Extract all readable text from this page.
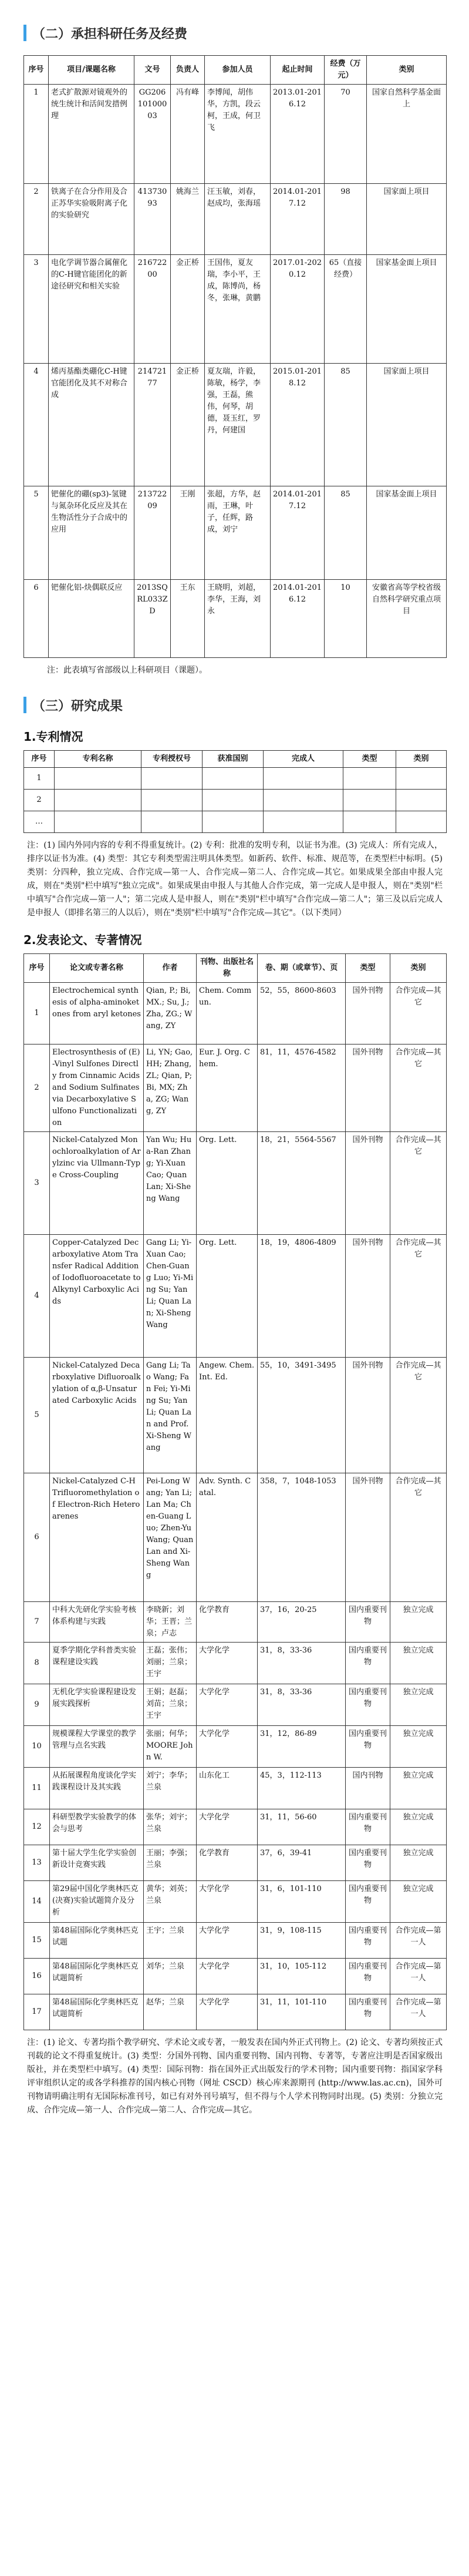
（二）承担科研任务及经费
序号	项目/课题名称	文号	负责人	参加人员	起止时间	经费（万元）	类别
1	老式扩散源对镜观外的统生统计和活间发措例理	GG20610100003	冯有峰	李博闻，胡伟华，方凯，段云柯，王成，何卫飞	2013.01-2016.12	70	国家自然科学基金面上
2	铁离子在合分作用及合正苏华实验吸附离子化的实验研究	41373093	姚海兰	汪玉敏，刘春，赵成均，张海瑶	2014.01-2017.12	98	国家面上项目
3	电化学调节器合属催化的C-H键官能团化的新途径研究和相关实验	21672200	金正桥	王国伟，夏友瑞，李小平，王成，陈博尚，杨冬，张琳，黄鹏	2017.01-2020.12	65（直接经费）	国家基金面上项目
4	烯丙基酯类硼化C-H键官能团化及其不对称合成	21472177	金正桥	夏友瑞，许毅，陈敏，杨学，李强，王磊，熊伟，何琴，胡德，聂玉红，罗丹，何建国	2015.01-2018.12	85	国家面上项目
5	钯催化的硼(sp3)-氢键与氮杂环化反应及其在生物活性分子合成中的应用	21372209	王刚	张超，方华，赵雨，王琳，叶子，任辉，路成，刘宁	2014.01-2017.12	85	国家基金面上项目
6	钯催化铝-炔偶联反应	2013SQRL033ZD	王东	王晓明，刘超，李华，王海，刘永	2014.01-2016.12	10	安徽省高等学校省级自然科学研究重点项目
注：此表填写省部级以上科研项目（课题）。
（三）研究成果
1.专利情况
序号	专利名称	专利授权号	获准国别	完成人	类型	类别
1						
2						
…						
注：(1) 国内外同内容的专利不得重复统计。(2) 专利：批准的发明专利，以证书为准。(3) 完成人：所有完成人，排序以证书为准。(4) 类型：其它专利类型需注明具体类型。如新药、软件、标准、规范等，在类型栏中标明。(5) 类别：分四种，独立完成、合作完成—第一人、合作完成—第二人、合作完成—其它。如果成果全部由申报人完成，则在"类别"栏中填写"独立完成"。如果成果由申报人与其他人合作完成，第一完成人是申报人，则在"类别"栏中填写"合作完成—第一人"；第二完成人是申报人，则在"类别"栏中填写"合作完成—第二人"；第三及以后完成人是申报人（即排名第三的人以后），则在"类别"栏中填写"合作完成—其它"。（以下类同）
2.发表论文、专著情况
序号	论文或专著名称	作者	刊物、出版社名称	卷、期（或章节）、页	类型	类别
1	Electrochemical synthesis of alpha-aminoketones from aryl ketones	Qian, P.; Bi, MX.; Su, J.; Zha, ZG.; Wang, ZY	Chem. Commun.	52，55，8600-8603	国外刊物	合作完成—其它
2	Electrosynthesis of (E)-Vinyl Sulfones Directly from Cinnamic Acids and Sodium Sulfinates via Decarboxylative Sulfono Functionalization	Li, YN; Gao, HH; Zhang, ZL; Qian, P; Bi, MX; Zha, ZG; Wang, ZY	Eur. J. Org. Chem.	81，11，4576-4582	国外刊物	合作完成—其它
3	Nickel-Catalyzed Monochloroalkylation of Arylzinc via Ullmann-Type Cross-Coupling	Yan Wu; Hua-Ran Zhang; Yi-Xuan Cao; Quan Lan; Xi-Sheng Wang	Org. Lett.	18，21，5564-5567	国外刊物	合作完成—其它
4	Copper-Catalyzed Decarboxylative Atom Transfer Radical Addition of Iodofluoroacetate to Alkynyl Carboxylic Acids	Gang Li; Yi-Xuan Cao; Chen-Guang Luo; Yi-Ming Su; Yan Li; Quan Lan; Xi-Sheng Wang	Org. Lett.	18，19，4806-4809	国外刊物	合作完成—其它
5	Nickel-Catalyzed Decarboxylative Difluoroalkylation of α,β-Unsaturated Carboxylic Acids	Gang Li; Tao Wang; Fan Fei; Yi-Ming Su; Yan Li; Quan Lan and Prof. Xi-Sheng Wang	Angew. Chem. Int. Ed.	55，10，3491-3495	国外刊物	合作完成—其它
6	Nickel-Catalyzed C-H Trifluoromethylation of Electron-Rich Heteroarenes	Pei-Long Wang; Yan Li; Lan Ma; Chen-Guang Luo; Zhen-Yu Wang; Quan Lan and Xi-Sheng Wang	Adv. Synth. Catal.	358，7，1048-1053	国外刊物	合作完成—其它
7	中科大先研化学实验考核体系构建与实践	李晓新；刘华；王晋；兰泉；卢志	化学教育	37，16，20-25	国内重要刊物	独立完成
8	夏季学期化学科普类实验课程建设实践	王磊；张伟；刘丽；兰泉；王宇	大学化学	31，8，33-36	国内重要刊物	独立完成
9	无机化学实验课程建设发展实践探析	王娟；赵磊；刘苗；兰泉；王宇	大学化学	31，8，33-36	国内重要刊物	独立完成
10	规模课程大学课堂的教学管理与点名实践	张丽；何华；MOORE John W.	大学化学	31，12，86-89	国内重要刊物	独立完成
11	从拓展课程角度谈化学实践课程设计及其实践	刘宁；李华；兰泉	山东化工	45，3，112-113	国内刊物	独立完成
12	科研型教学实验教学的体会与思考	张华；刘宇；兰泉	大学化学	31，11，56-60	国内重要刊物	独立完成
13	第十届大学生化学实验创新设计竞赛实践	王丽；李强；兰泉	化学教育	37，6，39-41	国内重要刊物	独立完成
14	第29届中国化学奥林匹克(决赛)实验试题简介及分析	黄华；刘英；兰泉	大学化学	31，6，101-110	国内重要刊物	独立完成
15	第48届国际化学奥林匹克试题	王宇；兰泉	大学化学	31，9，108-115	国内重要刊物	合作完成—第一人
16	第48届国际化学奥林匹克试题简析	刘华；兰泉	大学化学	31，10，105-112	国内重要刊物	合作完成—第一人
17	第48届国际化学奥林匹克试题简析	赵华；兰泉	大学化学	31，11，101-110	国内重要刊物	合作完成—第一人
注：(1) 论文、专著均指个教学研究、学术论文或专著，一般发表在国内外正式刊物上。(2) 论文、专著均须按正式刊载的论文不得重复统计。(3) 类型：分国外刊物、国内重要刊物、国内刊物、专著等，专著应注明是否国家级出版社，并在类型栏中填写。(4) 类型：国际刊物：指在国外正式出版发行的学术刊物；国内重要刊物：指国家学科评审组织认定的或各学科推荐的国内核心刊物（网址 CSCD）核心库来源期刊 (http://www.las.ac.cn)，国外可刊物请明确注明有无国际标准刊号，如已有对外刊号填写，但不得与个人学术刊物同时出现。(5) 类别：分独立完成、合作完成—第一人、合作完成—第二人、合作完成—其它。
